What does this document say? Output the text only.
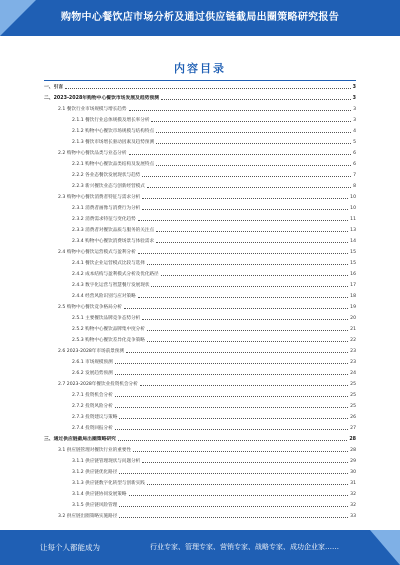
购物中心餐饮店市场分析及通过供应链截局出圈策略研究报告
内容目录
一、引言	3
二、2023-2028年购物中心餐饮市场发展及趋势预测	3
2.1 餐饮行业市场规模与增长趋势	3
2.1.1 餐饮行业总体规模及增长率分析	3
2.1.2 购物中心餐饮市场规模与结构特点	4
2.1.3 餐饮市场增长驱动因素及趋势预测	5
2.2 购物中心餐饮品类与业态分析	6
2.2.1 购物中心餐饮品类结构及发展特点	6
2.2.2 各业态餐饮发展现状与趋势	7
2.2.3 新兴餐饮业态与创新经营模式	8
2.3 购物中心餐饮消费者特征与需求分析	10
2.3.1 消费者画像与消费行为分析	10
2.3.2 消费需求特征与变化趋势	11
2.3.3 消费者对餐饮品质与服务的关注点	13
2.3.4 购物中心餐饮消费场景与体验需求	14
2.4 购物中心餐饮运营模式与盈利分析	15
2.4.1 餐饮企业运营模式比较与选择	15
2.4.2 成本结构与盈利模式分析及优化路径	16
2.4.3 数字化运营与智慧餐厅发展现状	17
2.4.4 经营风险识别与应对策略	18
2.5 购物中心餐饮竞争格局分析	19
2.5.1 主要餐饮品牌竞争态势分析	20
2.5.2 购物中心餐饮品牌集中度分析	21
2.5.3 购物中心餐饮差异化竞争策略	22
2.6 2023-2028年市场前景预测	23
2.6.1 市场规模预测	23
2.6.2 发展趋势预测	24
2.7 2023-2028年餐饮业投资机会分析	25
2.7.1 投资机会分析	25
2.7.2 投资风险分析	25
2.7.3 投资建议与策略	26
2.7.4 投资回报分析	27
三、通过供应链截局出圈策略研究	28
3.1 供应链管理对餐饮行业的重要性	28
3.1.1 供应链管理现状与问题分析	29
3.1.2 供应链优化路径	30
3.1.3 供应链数字化转型与创新实践	31
3.1.4 供应链协同发展策略	32
3.1.5 供应链风险管理	32
3.2 供应链出圈策略实施路径	33
让每个人都能成为	行业专家、管理专家、营销专家、战略专家、成功企业家……
